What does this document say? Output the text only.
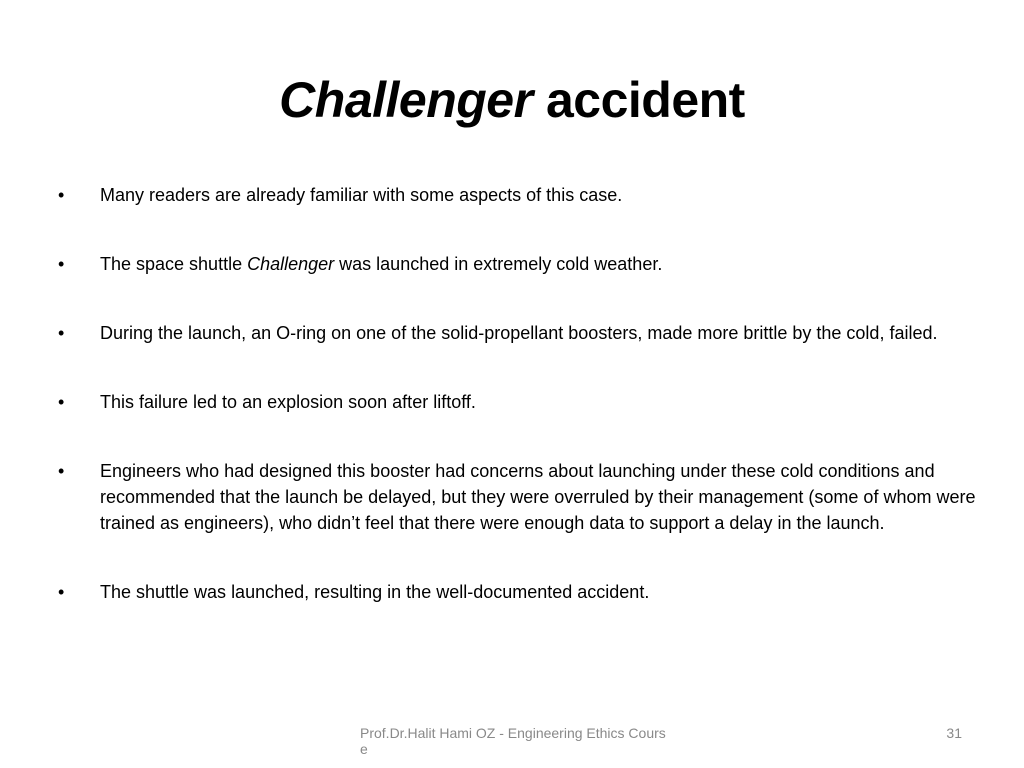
Challenger accident
• Many readers are already familiar with some aspects of this case.
• The space shuttle Challenger was launched in extremely cold weather.
• During the launch, an O-ring on one of the solid-propellant boosters, made more brittle by the cold, failed.
• This failure led to an explosion soon after liftoff.
• Engineers who had designed this booster had concerns about launching under these cold conditions and recommended that the launch be delayed, but they were overruled by their management (some of whom were trained as engineers), who didn’t feel that there were enough data to support a delay in the launch.
• The shuttle was launched, resulting in the well-documented accident.
Prof.Dr.Halit Hami OZ - Engineering Ethics Course
31
